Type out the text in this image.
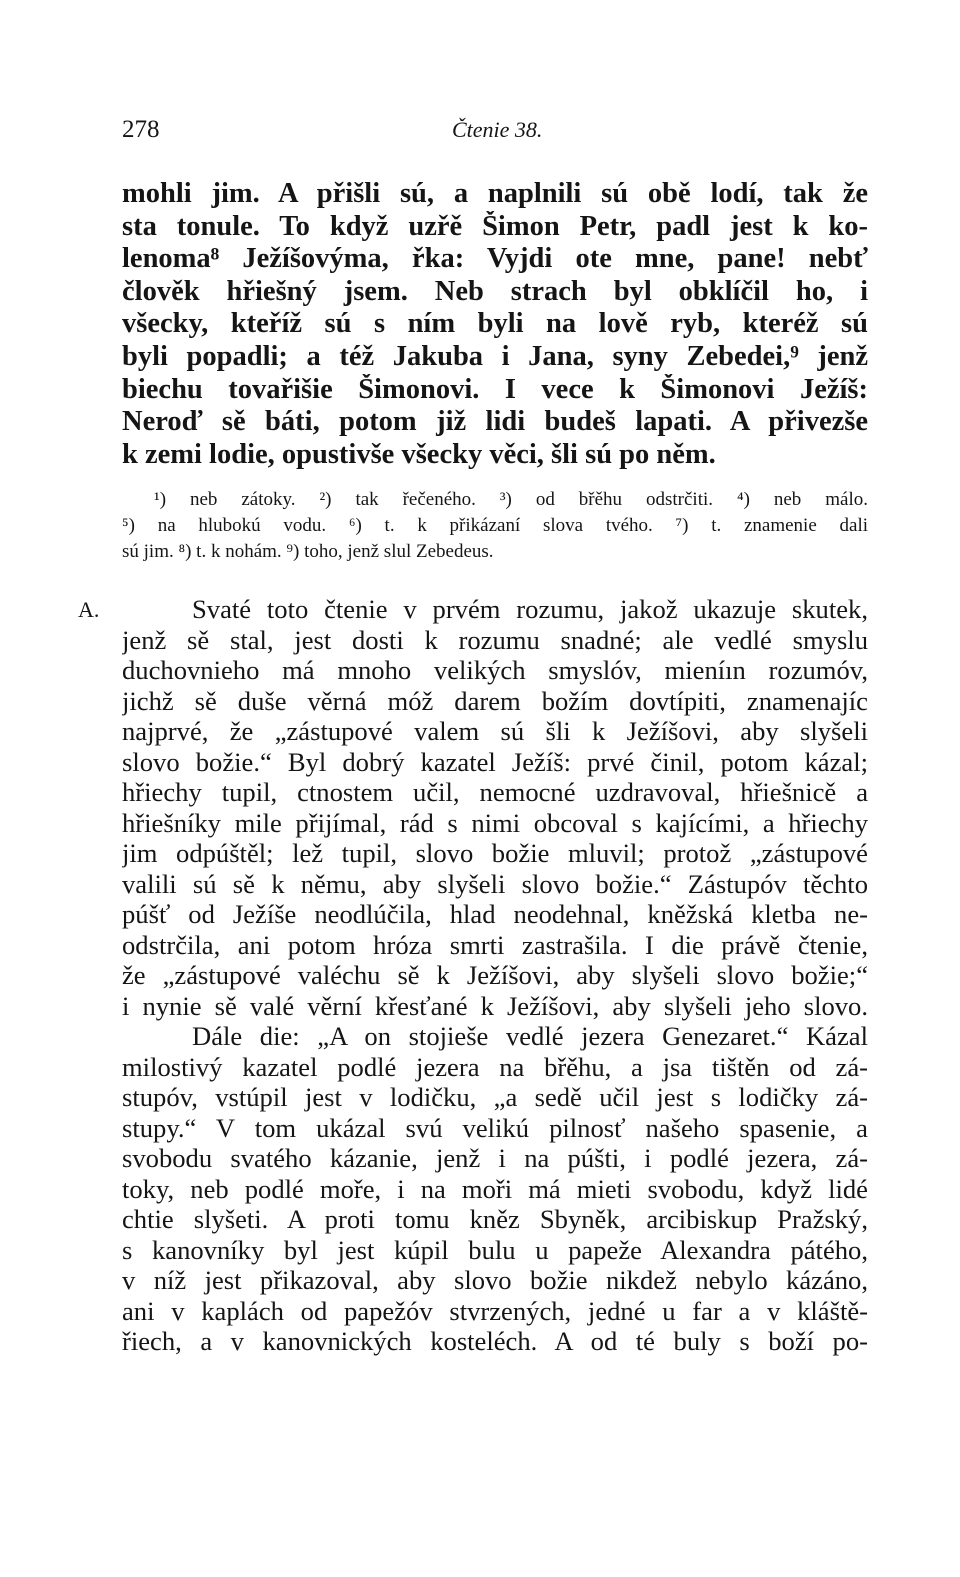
278	Čtenie 38.
mohli jim. A přišli sú, a naplnili sú obě lodí, tak že
sta tonule. To když uzřě Šimon Petr, padl jest k ko-
lenoma⁸ Ježíšovýma, řka: Vyjdi ote mne, pane! nebť
člověk hřiešný jsem. Neb strach byl obklíčil ho, i
všecky, kteříž sú s ním byli na lově ryb, kteréž sú
byli popadli; a též Jakuba i Jana, syny Zebedei,⁹ jenž
biechu tovařišie Šimonovi. I vece k Šimonovi Ježíš:
Neroď sě báti, potom již lidi budeš lapati. A přivezše
k zemi lodie, opustivše všecky věci, šli sú po něm.
¹) neb zátoky. ²) tak řečeného. ³) od břěhu odstrčiti. ⁴) neb málo.
⁵) na hlubokú vodu. ⁶) t. k přikázaní slova tvého. ⁷) t. znamenie dali
sú jim. ⁸) t. k nohám. ⁹) toho, jenž slul Zebedeus.
A.	Svaté toto čtenie v prvém rozumu, jakož ukazuje skutek,
jenž sě stal, jest dosti k rozumu snadné; ale vedlé smyslu
duchovnieho má mnoho velikých smyslóv, mieníın rozumóv,
jichž sě duše věrná móž darem božím dovtípiti, znamenajíc
najprvé, že „zástupové valem sú šli k Ježíšovi, aby slyšeli
slovo božie.“ Byl dobrý kazatel Ježíš: prvé činil, potom kázal;
hřiechy tupil, ctnostem učil, nemocné uzdravoval, hřiešnicě a
hřiešníky mile přijímal, rád s nimi obcoval s kajícími, a hřiechy
jim odpúštěl; lež tupil, slovo božie mluvil; protož „zástupové
valili sú sě k němu, aby slyšeli slovo božie.“ Zástupóv těchto
púšť od Ježíše neodlúčila, hlad neodehnal, kněžská kletba ne-
odstrčila, ani potom hróza smrti zastrašila. I die právě čtenie,
že „zástupové valéchu sě k Ježíšovi, aby slyšeli slovo božie;“
i nynie sě valé věrní křesťané k Ježíšovi, aby slyšeli jeho slovo.
Dále die: „A on stojieše vedlé jezera Genezaret.“ Kázal
milostivý kazatel podlé jezera na břěhu, a jsa tištěn od zá-
stupóv, vstúpil jest v lodičku, „a sedě učil jest s lodičky zá-
stupy.“ V tom ukázal svú velikú pilnosť našeho spasenie, a
svobodu svatého kázanie, jenž i na púšti, i podlé jezera, zá-
toky, neb podlé moře, i na moři má mieti svobodu, když lidé
chtie slyšeti. A proti tomu kněz Sbyněk, arcibiskup Pražský,
s kanovníky byl jest kúpil bulu u papeže Alexandra pátého,
v níž jest přikazoval, aby slovo božie nikdež nebylo kázáno,
ani v kaplách od papežóv stvrzených, jedné u far a v kláště-
řiech, a v kanovnických kosteléch. A od té buly s boží po-
